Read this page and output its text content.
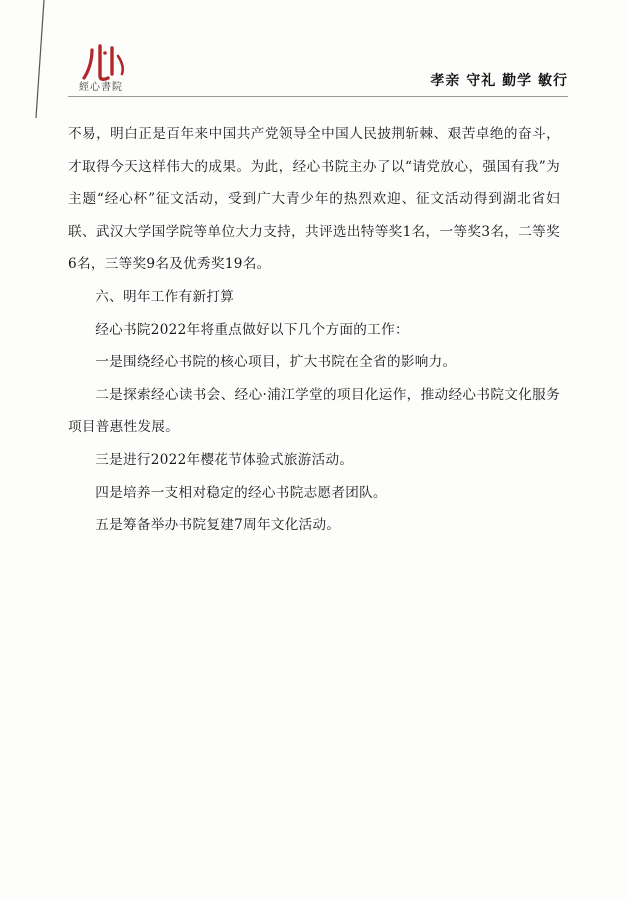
經心書院	孝亲 守礼 勤学 敏行

不易，明白正是百年来中国共产党领导全中国人民披荆斩棘、艰苦卓绝的奋斗，才取得今天这样伟大的成果。为此，经心书院主办了以“请党放心，强国有我”为主题“经心杯”征文活动，受到广大青少年的热烈欢迎、征文活动得到湖北省妇联、武汉大学国学院等单位大力支持，共评选出特等奖1名，一等奖3名，二等奖6名，三等奖9名及优秀奖19名。

六、明年工作有新打算

经心书院2022年将重点做好以下几个方面的工作：

一是围绕经心书院的核心项目，扩大书院在全省的影响力。

二是探索经心读书会、经心·浦江学堂的项目化运作，推动经心书院文化服务项目普惠性发展。

三是进行2022年樱花节体验式旅游活动。

四是培养一支相对稳定的经心书院志愿者团队。

五是筹备举办书院复建7周年文化活动。
